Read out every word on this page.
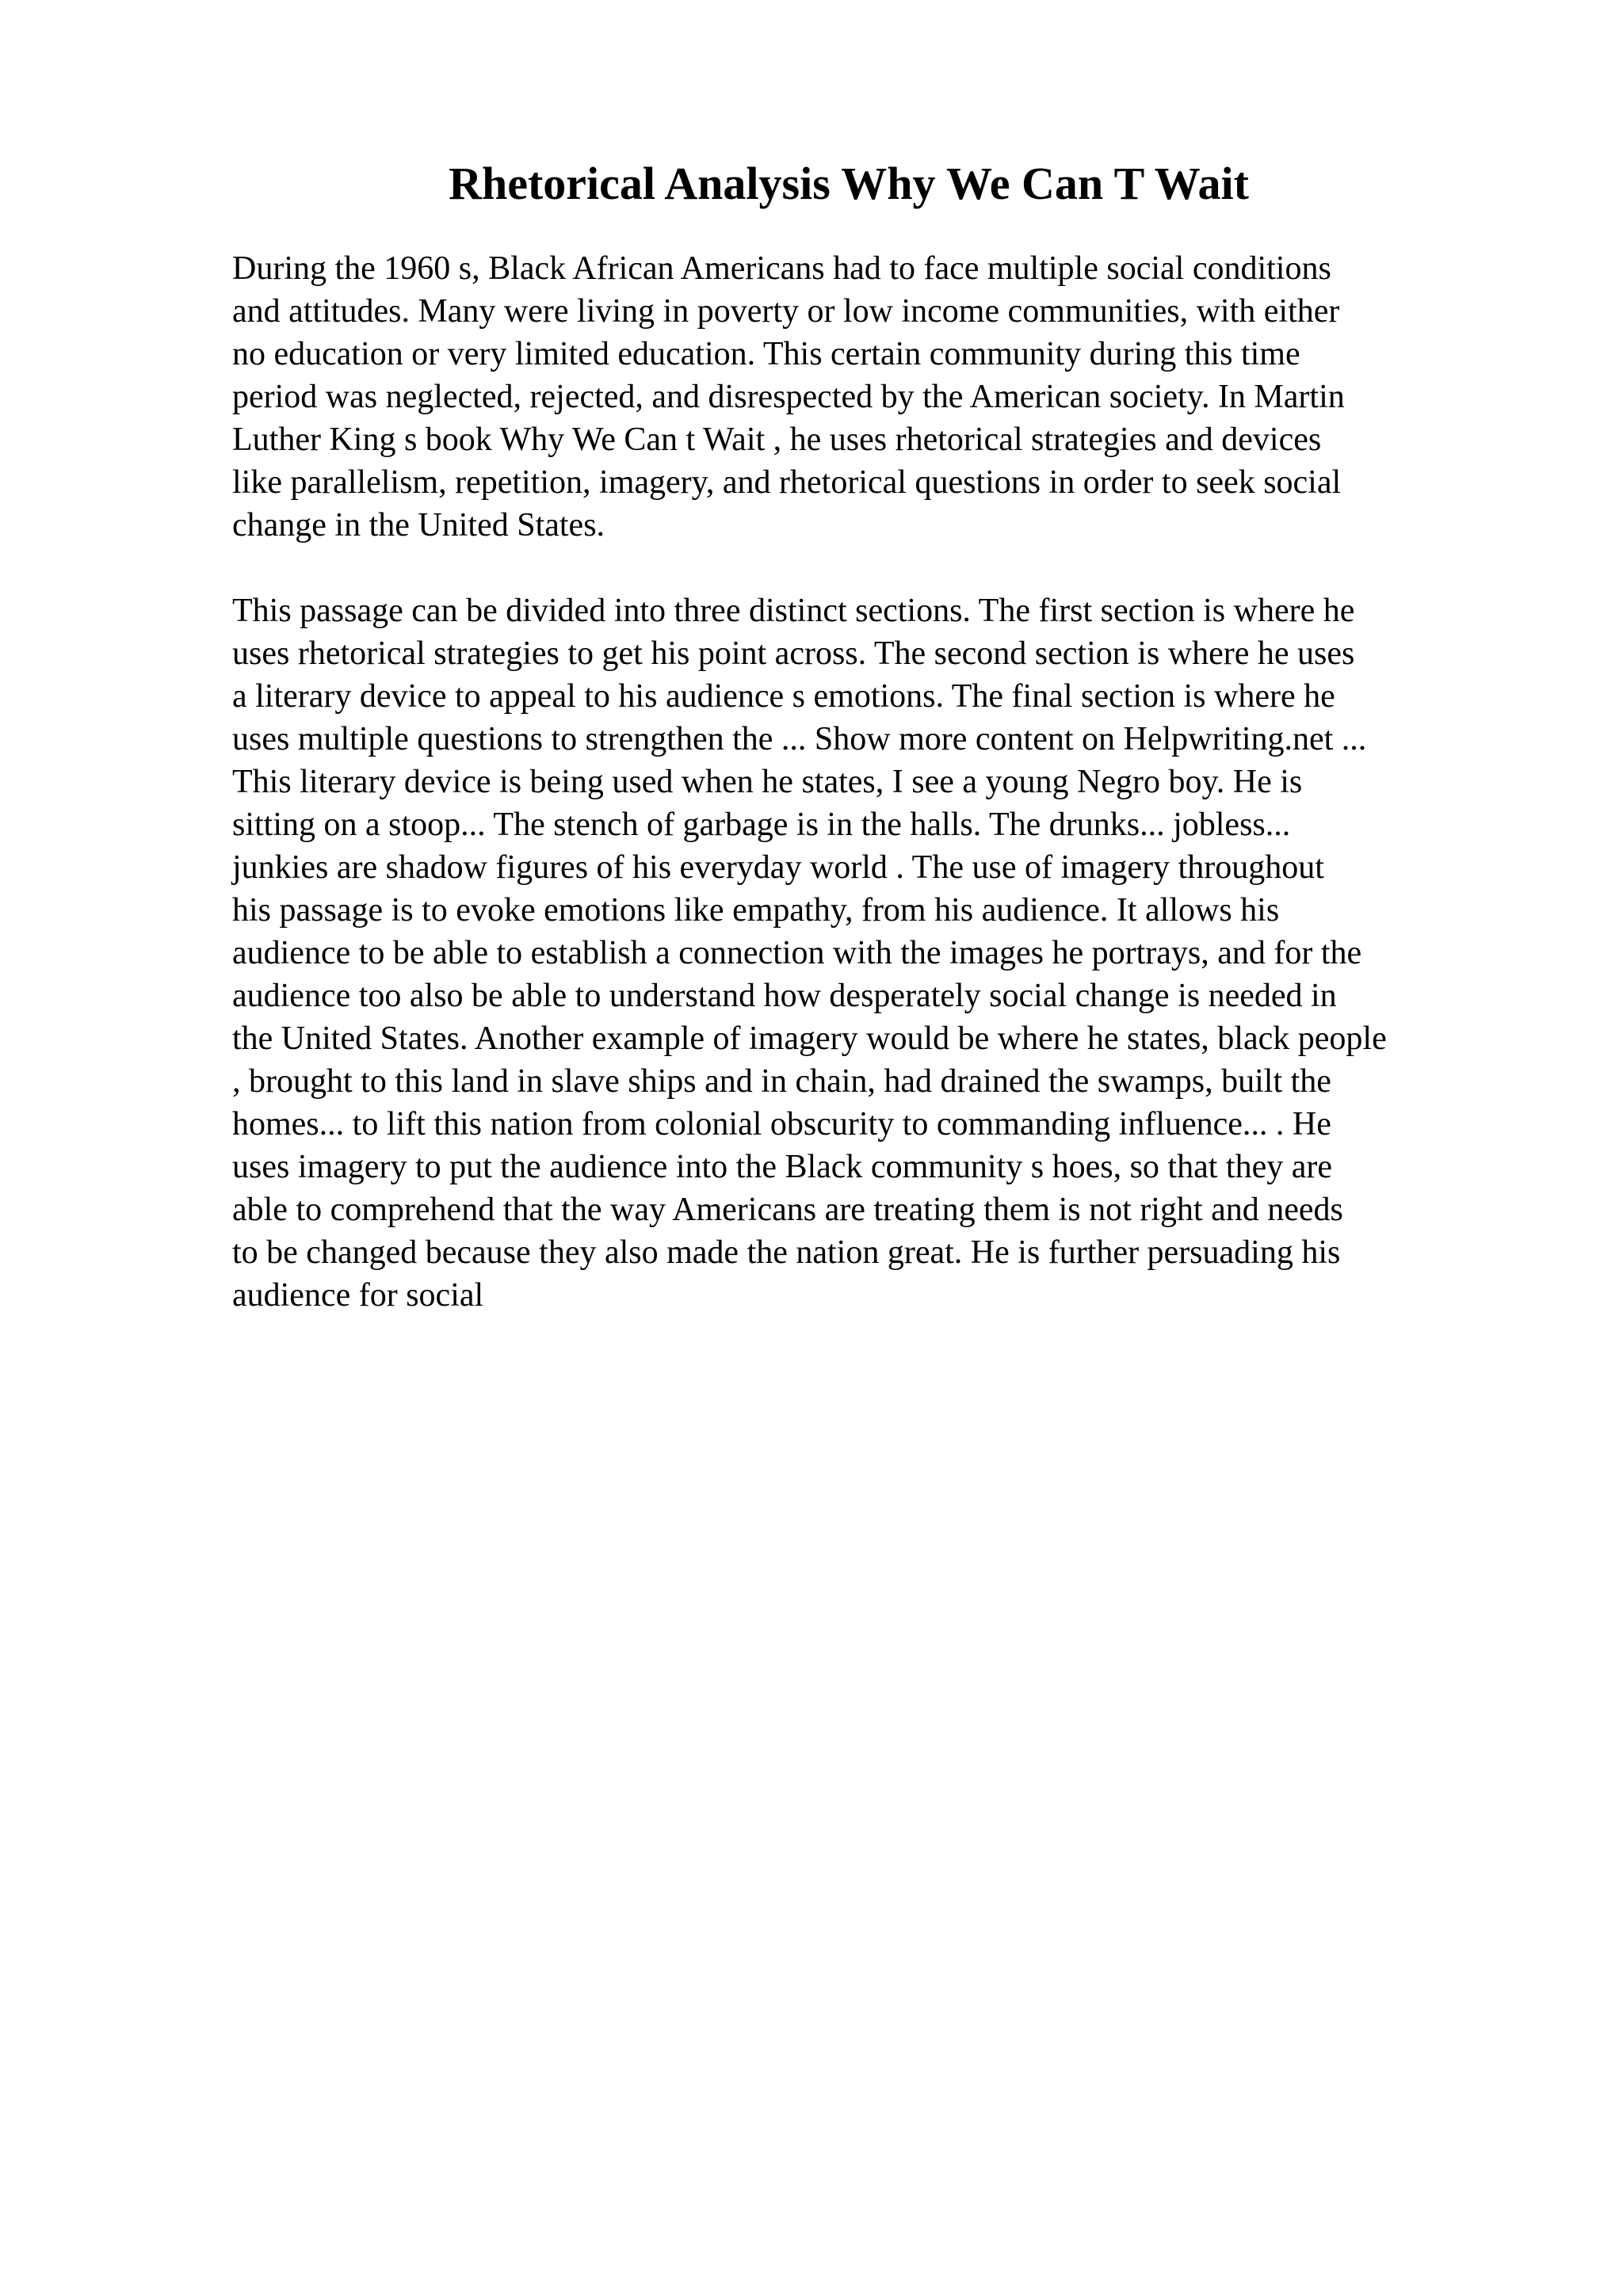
Rhetorical Analysis Why We Can T Wait

During the 1960 s, Black African Americans had to face multiple social conditions
and attitudes. Many were living in poverty or low income communities, with either
no education or very limited education. This certain community during this time
period was neglected, rejected, and disrespected by the American society. In Martin
Luther King s book Why We Can t Wait , he uses rhetorical strategies and devices
like parallelism, repetition, imagery, and rhetorical questions in order to seek social
change in the United States.

This passage can be divided into three distinct sections. The first section is where he
uses rhetorical strategies to get his point across. The second section is where he uses
a literary device to appeal to his audience s emotions. The final section is where he
uses multiple questions to strengthen the ... Show more content on Helpwriting.net ...
This literary device is being used when he states, I see a young Negro boy. He is
sitting on a stoop... The stench of garbage is in the halls. The drunks... jobless...
junkies are shadow figures of his everyday world . The use of imagery throughout
his passage is to evoke emotions like empathy, from his audience. It allows his
audience to be able to establish a connection with the images he portrays, and for the
audience too also be able to understand how desperately social change is needed in
the United States. Another example of imagery would be where he states, black people
, brought to this land in slave ships and in chain, had drained the swamps, built the
homes... to lift this nation from colonial obscurity to commanding influence... . He
uses imagery to put the audience into the Black community s hoes, so that they are
able to comprehend that the way Americans are treating them is not right and needs
to be changed because they also made the nation great. He is further persuading his
audience for social
